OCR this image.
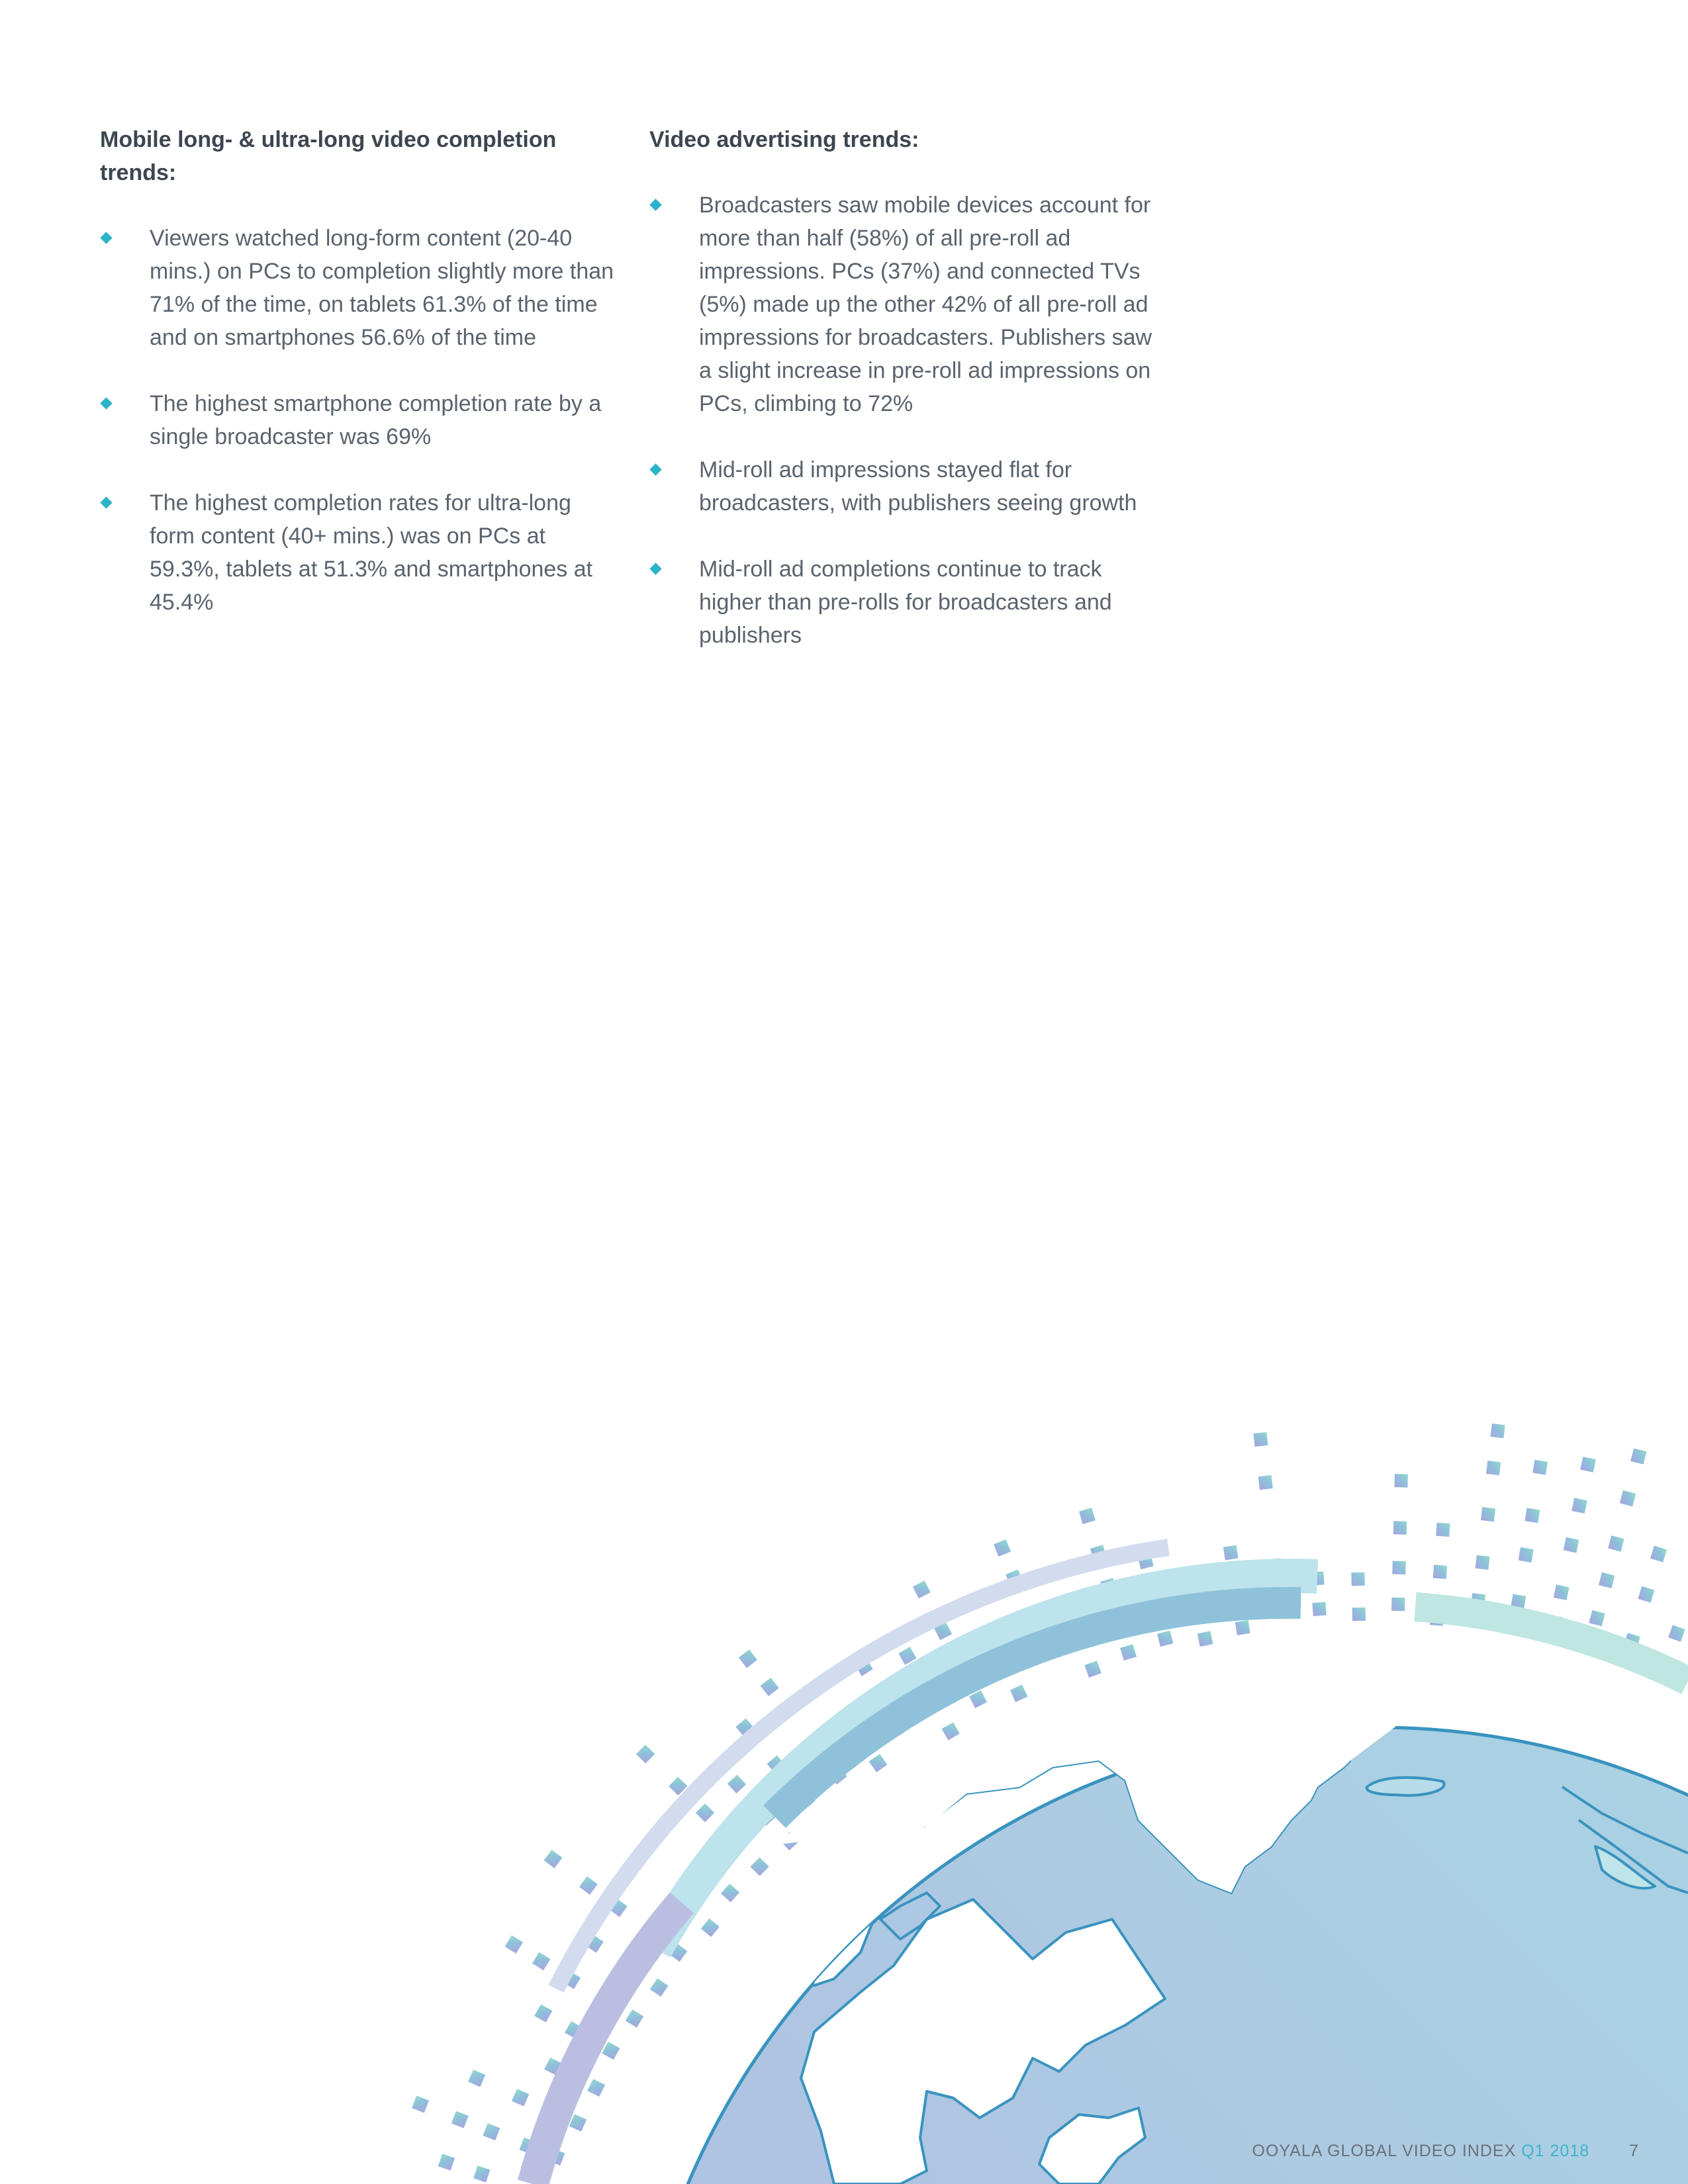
Mobile long- & ultra-long video completion trends:
Viewers watched long-form content (20-40 mins.) on PCs to completion slightly more than 71% of the time, on tablets 61.3% of the time and on smartphones 56.6% of the time
The highest smartphone completion rate by a single broadcaster was 69%
The highest completion rates for ultra-long form content (40+ mins.) was on PCs at 59.3%, tablets at 51.3% and smartphones at 45.4%
Video advertising trends:
Broadcasters saw mobile devices account for more than half (58%) of all pre-roll ad impressions. PCs (37%) and connected TVs (5%) made up the other 42% of all pre-roll ad impressions for broadcasters. Publishers saw a slight increase in pre-roll ad impressions on PCs, climbing to 72%
Mid-roll ad impressions stayed flat for broadcasters, with publishers seeing growth
Mid-roll ad completions continue to track higher than pre-rolls for broadcasters and publishers
OOYALA GLOBAL VIDEO INDEX Q1 2018 7
